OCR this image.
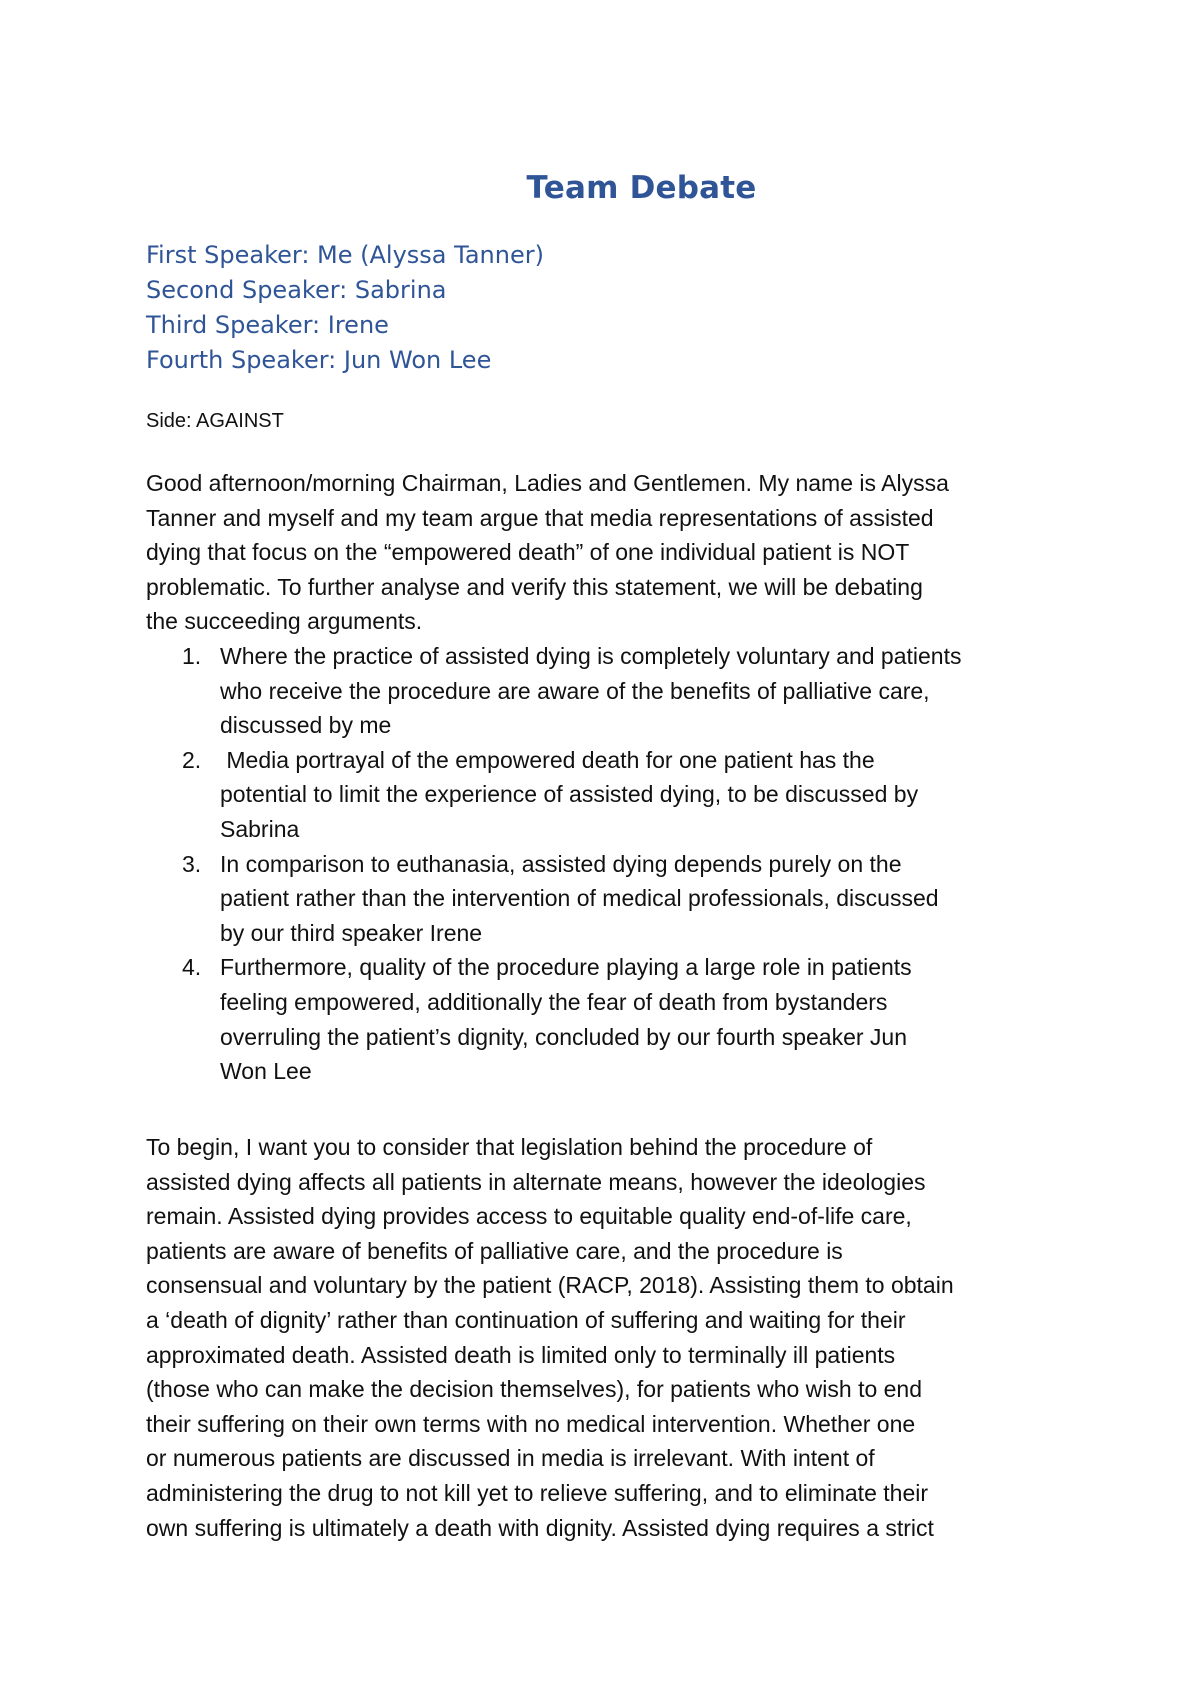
Team Debate
First Speaker: Me (Alyssa Tanner)
Second Speaker: Sabrina
Third Speaker: Irene
Fourth Speaker: Jun Won Lee

Side: AGAINST

Good afternoon/morning Chairman, Ladies and Gentlemen. My name is Alyssa
Tanner and myself and my team argue that media representations of assisted
dying that focus on the “empowered death” of one individual patient is NOT
problematic. To further analyse and verify this statement, we will be debating
the succeeding arguments.

1. Where the practice of assisted dying is completely voluntary and patients
who receive the procedure are aware of the benefits of palliative care,
discussed by me
2. Media portrayal of the empowered death for one patient has the
potential to limit the experience of assisted dying, to be discussed by
Sabrina
3. In comparison to euthanasia, assisted dying depends purely on the
patient rather than the intervention of medical professionals, discussed
by our third speaker Irene
4. Furthermore, quality of the procedure playing a large role in patients
feeling empowered, additionally the fear of death from bystanders
overruling the patient’s dignity, concluded by our fourth speaker Jun
Won Lee

To begin, I want you to consider that legislation behind the procedure of
assisted dying affects all patients in alternate means, however the ideologies
remain. Assisted dying provides access to equitable quality end-of-life care,
patients are aware of benefits of palliative care, and the procedure is
consensual and voluntary by the patient (RACP, 2018). Assisting them to obtain
a ‘death of dignity’ rather than continuation of suffering and waiting for their
approximated death. Assisted death is limited only to terminally ill patients
(those who can make the decision themselves), for patients who wish to end
their suffering on their own terms with no medical intervention. Whether one
or numerous patients are discussed in media is irrelevant. With intent of
administering the drug to not kill yet to relieve suffering, and to eliminate their
own suffering is ultimately a death with dignity. Assisted dying requires a strict
